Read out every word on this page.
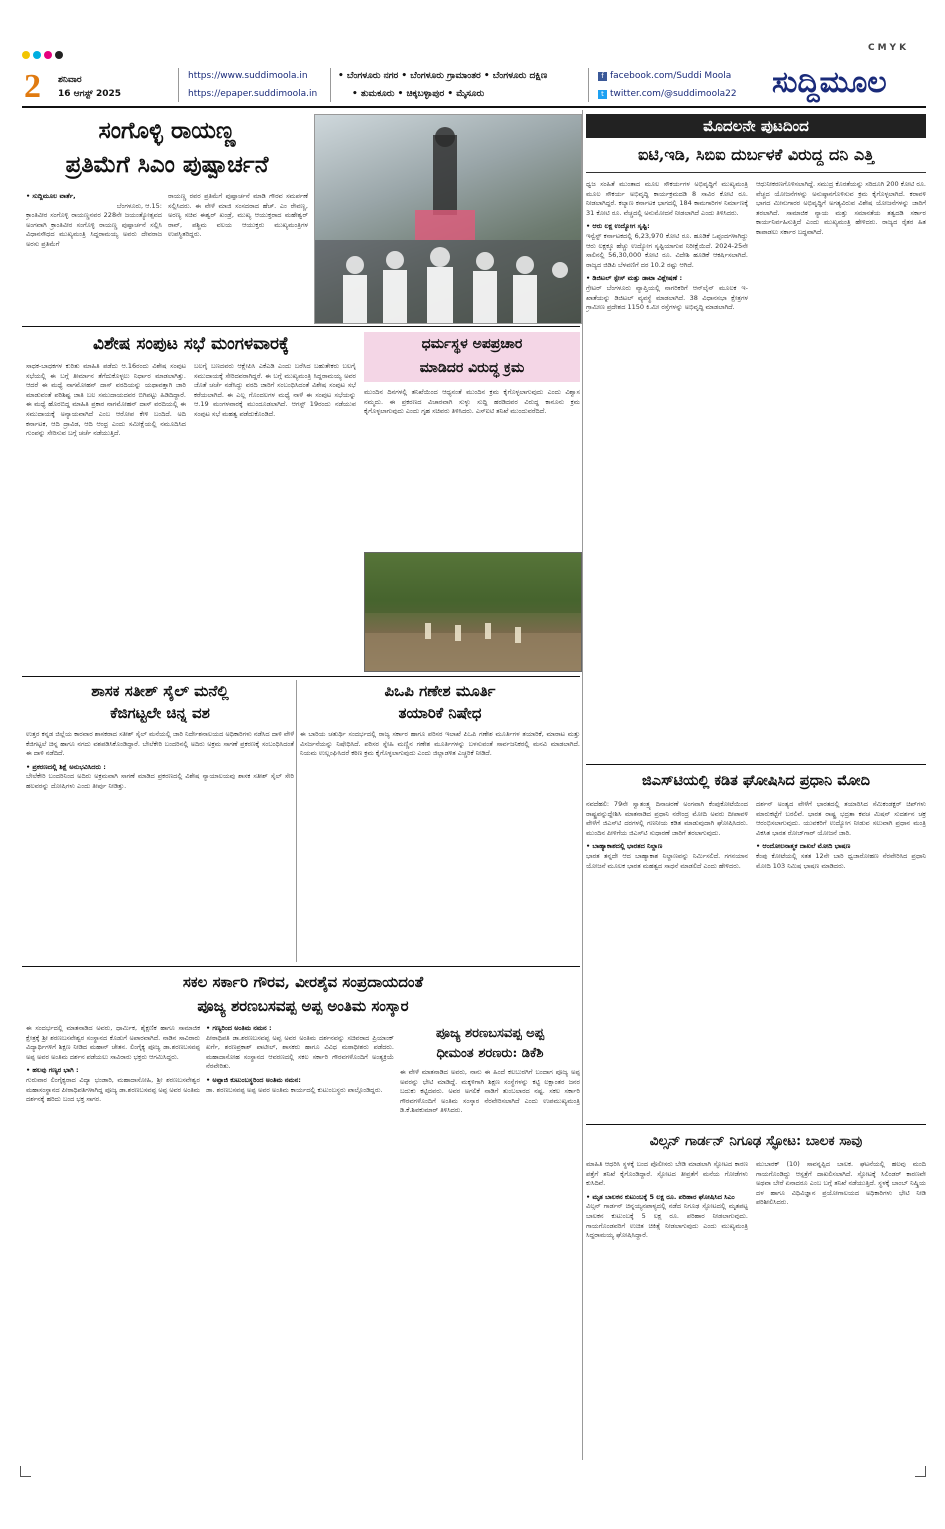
CMYK
2 ಶನಿವಾರ
16 ಆಗಸ್ಟ್ 2025
https://www.suddimoola.in
https://epaper.suddimoola.in
• ಬೆಂಗಳೂರು ನಗರ • ಬೆಂಗಳೂರು ಗ್ರಾಮಾಂತರ • ಬೆಂಗಳೂರು ದಕ್ಷಿಣ
• ತುಮಕೂರು • ಚಿಕ್ಕಬಳ್ಳಾಪುರ • ಮೈಸೂರು
f facebook.com/Suddi Moola
t twitter.com/@suddimoola22 ಸುದ್ದಿಮೂಲ
ಸಂಗೊಳ್ಳಿ ರಾಯಣ್ಣ
ಪ್ರತಿಮೆಗೆ ಸಿಎಂ ಪುಷ್ಪಾರ್ಚನೆ
• ಸುದ್ದಿಮೂಲ ವಾರ್ತೆ,
ಬೆಂಗಳೂರು, ಆ.15:
ಕ್ರಾಂತಿವೀರ ಸಂಗೊಳ್ಳಿ ರಾಯಣ್ಣನವರ 228ನೇ ಜಯಂತ್ಯೋತ್ಸವದ ಅಂಗವಾಗಿ ಕ್ರಾಂತಿವೀರ ಸಂಗೊಳ್ಳಿ ರಾಯಣ್ಣ ಪುಷ್ಪಾರ್ಚನೆ ಸಲ್ಲಿಸಿ ವಿಧಾನಸೌಧದ ಮುಖ್ಯಮಂತ್ರಿ ಸಿದ್ದರಾಮಯ್ಯ ಅವರು ದೇವರಾಜ ಅರಸು ಪ್ರತಿಮೆಗೆ
ರಾಯಣ್ಣ ರವರ ಪ್ರತಿಮೆಗೆ ಪುಷ್ಪಾರ್ಚನೆ ಮಾಡಿ ಗೌರವ ಸಮರ್ಪಣೆ ಸಲ್ಲಿಸಿದರು. ಈ ವೇಳೆ ಮಾಜಿ ಸಂಸದರಾದ ಹೆಚ್. ಎಂ ರೇವಣ್ಣ, ಅರಣ್ಯ ಸಚಿವ ಈಶ್ವರ್ ಖಂಡ್ರೆ, ಮುಖ್ಯ ಆಯುಕ್ತರಾದ ಮಹೇಶ್ವರ್ ರಾವ್, ಪಶ್ಚಿಮ ವಲಯ ಆಯುಕ್ತರು ಮುಖ್ಯಮಂತ್ರಿಗಳ ಉಪಸ್ಥಿತರಿದ್ದರು.
ಮೊದಲನೇ ಪುಟದಿಂದ
ಐಟಿ,ಇಡಿ, ಸಿಬಿಐ ದುರ್ಬಳಕೆ ವಿರುದ್ದ ದನಿ ಎತ್ತಿ
ಧ್ವಜ ಸಂಹಿತೆ ಮುಂತಾದ ಮೂಲ ಸೌಕರ್ಯಗಳ ಅಭಿವೃದ್ಧಿಗೆ ಮುಖ್ಯಮಂತ್ರಿ ಮೂಲ ಸೌಕರ್ಯ ಅಭಿವೃದ್ಧಿ ಕಾರ್ಯಕ್ರಮದಡಿ 8 ಸಾವಿರ ಕೋಟಿ ರೂ. ನೀಡಲಾಗಿದ್ದರೆ. ಕಲ್ಯಾಣ ಕರ್ನಾಟಕ ಭಾಗದಲ್ಲಿ 184 ಕಾಮಗಾರಿಗಳ ನಿರ್ಮಾಣಕ್ಕೆ 31 ಕೋಟಿ ರೂ. ವೆಚ್ಚದಲ್ಲಿ ಅನುಮೋದನೆ ನೀಡಲಾಗಿದೆ ಎಂದು ತಿಳಿಸಿದರು.
• ಆರು ಲಕ್ಷ ಉದ್ಯೋಗ ಸೃಷ್ಟಿ:
ಇನ್ವೆಸ್ಟ್ ಕರ್ನಾಟಕದಲ್ಲಿ 6,23,970 ಕೋಟಿ ರೂ. ಹೂಡಿಕೆ ಒಪ್ಪಂದಗಳಾಗಿದ್ದು ಆರು ಲಕ್ಷಕ್ಕೂ ಹೆಚ್ಚು ಉದ್ಯೋಗ ಸೃಷ್ಟಿಯಾಗುವ ನಿರೀಕ್ಷೆಯಿದೆ. 2024-25ನೇ ಸಾಲಿನಲ್ಲಿ 56,30,000 ಕೋಟಿ ರೂ. ವಿದೇಶಿ ಹೂಡಿಕೆ ಆಕರ್ಷಿಸಲಾಗಿದೆ. ರಾಜ್ಯದ ಜಿಡಿಪಿ ಬೆಳವಣಿಗೆ ದರ 10.2 ರಷ್ಟು ಆಗಿದೆ.
• ಡಿಜಿಟಲ್ ಸ್ಪೇಸ್ ಮತ್ತು ಡಾಟಾ ವಿಶ್ಲೇಷಣೆ :
ಗ್ರೇಟರ್ ಬೆಂಗಳೂರು ವ್ಯಾಪ್ತಿಯಲ್ಲಿ ನಾಗರಿಕರಿಗೆ ಆನ್‌ಲೈನ್ ಮೂಲಕ ಇ-ಖಾತೆಯನ್ನು ಡಿಜಿಟಲ್ ವ್ಯವಸ್ಥೆ ಮಾಡಲಾಗಿದೆ. 38 ವಿಧಾನಸಭಾ ಕ್ಷೇತ್ರಗಳ ಗ್ರಾಮೀಣ ಪ್ರದೇಶದ 1150 ಕಿ.ಮೀ ರಸ್ತೆಗಳನ್ನು ಅಭಿವೃದ್ಧಿ ಮಾಡಲಾಗಿದೆ.
ಆಧುನೀಕರಣಗೊಳಿಸಲಾಗಿದ್ದೆ. ಸಮುದ್ರ ಕೊರತೆಯನ್ನು ಸರಿದೂಗಿ 200 ಕೋಟಿ ರೂ. ವೆಚ್ಚದ ಯೋಜನೆಗಳನ್ನು ಅನುಷ್ಠಾನಗೊಳಿಸುವ ಕ್ರಮ ಕೈಗೊಳ್ಳಲಾಗಿದೆ. ಕರಾವಳಿ ಭಾಗದ ಮೀನುಗಾರರ ಅಭಿವೃದ್ಧಿಗೆ ಅಗತ್ಯವಿರುವ ವಿಶೇಷ ಯೋಜನೆಗಳನ್ನು ಜಾರಿಗೆ ತರಲಾಗಿದೆ. ಸಾಮಾಜಿಕ ನ್ಯಾಯ ಮತ್ತು ಸಮಾನತೆಯ ತತ್ವದಡಿ ಸರ್ಕಾರ ಕಾರ್ಯನಿರ್ವಹಿಸುತ್ತಿದೆ ಎಂದು ಮುಖ್ಯಮಂತ್ರಿ ಹೇಳಿದರು. ರಾಜ್ಯದ ರೈತರ ಹಿತ ಕಾಪಾಡಲು ಸರ್ಕಾರ ಬದ್ಧವಾಗಿದೆ.
ವಿಶೇಷ ಸಂಪುಟ ಸಭೆ ಮಂಗಳವಾರಕ್ಕೆ
ಸಾಧಕ-ಬಾಧಕಗಳ ಕುರಿತು ಮಾಹಿತಿ ಪಡೆದು ಆ.16ರಂದು ವಿಶೇಷ ಸಂಪುಟ ಸಭೆಯಲ್ಲಿ ಈ ಬಗ್ಗೆ ತೀರ್ಮಾನ ತೆಗೆದುಕೊಳ್ಳಲು ನಿರ್ಧಾರ ಮಾಡಲಾಗಿತ್ತು. ಆದರೆ ಈ ಮಧ್ಯೆ ನಾಗಮೋಹನ್ ದಾಸ್ ವರದಿಯನ್ನು ಯಥಾವತ್ತಾಗಿ ಜಾರಿ ಮಾಡುವಂತೆ ಪರಿಶಿಷ್ಟ ಜಾತಿ ಬಲ ಸಮುದಾಯದವರ ಬಿಗಿಪಟ್ಟು ಹಿಡಿದಿದ್ದಾರೆ. ಈ ಮಧ್ಯೆ ಹೊರಬಿದ್ದ ಮಾಹಿತಿ ಪ್ರಕಾರ ನಾಗಮೋಹನ್ ದಾಸ್ ವರದಿಯಲ್ಲಿ ಈ ಸಮುದಾಯಕ್ಕೆ ಅನ್ಯಾಯವಾಗಿದೆ ಎಂಬ ಆರೋಪ ಕೇಳಿ ಬಂದಿದೆ. ಅದಿ ಕರ್ನಾಟಕ, ಆದಿ ದ್ರಾವಿಡ, ಆದಿ ಆಂಧ್ರ ಎಂದು ಸಮೀಕ್ಷೆಯಲ್ಲಿ ನಮೂದಿಸಿದ ಗುಂಪನ್ನು ಸೇರಿಸುವ ಬಗ್ಗೆ ಚರ್ಚೆ ನಡೆಯುತ್ತಿದೆ.
ಬಲಗೈ ಬಣದವರು ಆಕ್ಷೇಪಿಸಿ ಎಕೆಎಡಿ ಎಂದು ಬರೆಸಿದ ಬಹುತೇಕರು ಬಲಗೈ ಸಮುದಾಯಕ್ಕೆ ಸೇರಿದವರಾಗಿದ್ದರೆ. ಈ ಬಗ್ಗೆ ಮುಖ್ಯಮಂತ್ರಿ ಸಿದ್ದರಾಮಯ್ಯ ಅವರ ಜೊತೆ ಚರ್ಚೆ ನಡೆಸಿದ್ದು ವರದಿ ಜಾರಿಗೆ ಸಂಬಂಧಿಸಿದಂತೆ ವಿಶೇಷ ಸಂಪುಟ ಸಭೆ ಕರೆಯಲಾಗಿದೆ. ಈ ಎಲ್ಲ ಗೊಂದಲಗಳ ಮಧ್ಯೆ ನಾಳೆ ಈ ಸಂಪುಟ ಸಭೆಯನ್ನು ಆ.19 ಮಂಗಳವಾರಕ್ಕೆ ಮುಂದೂಡಲಾಗಿದೆ. ಆಗಸ್ಟ್ 19ರಂದು ನಡೆಯುವ ಸಂಪುಟ ಸಭೆ ಮಹತ್ವ ಪಡೆದುಕೊಂಡಿದೆ.
ಧರ್ಮಸ್ಥಳ ಅಪಪ್ರಚಾರ
ಮಾಡಿದರ ವಿರುದ್ಧ ಕ್ರಮ
ಮುಂದಿನ ದಿನಗಳಲ್ಲಿ ತನಿಖೆಯಿಂದ ಆಧ್ಯನಂತೆ ಮುಂದಿನ ಕ್ರಮ ಕೈಗೊಳ್ಳಲಾಗುವುದು ಎಂದು ವಿಶ್ವಾಸ ನಮ್ಮದು. ಈ ಪ್ರಕರಣದ ವಿಚಾರವಾಗಿ ಸುಳ್ಳು ಸುದ್ದಿ ಹರಡಿದವರ ವಿರುದ್ಧ ಕಾನೂನು ಕ್ರಮ ಕೈಗೊಳ್ಳಲಾಗುವುದು ಎಂದು ಗೃಹ ಸಚಿವರು ತಿಳಿಸಿದರು. ಎಸ್ಐಟಿ ತನಿಖೆ ಮುಂದುವರೆದಿದೆ.
ಶಾಸಕ ಸತೀಶ್ ಸೈಲ್ ಮನೆಲ್ಲಿ
ಕೆಜಿಗಟ್ಟಲೇ ಚಿನ್ನ ವಶ
ಉತ್ತರ ಕನ್ನಡ ಜಿಲ್ಲೆಯ ಕಾರವಾರ ಶಾಸಕರಾದ ಸತೀಶ್ ಸೈಲ್ ಮನೆಯಲ್ಲಿ ಜಾರಿ ನಿರ್ದೇಶನಾಲಯದ ಅಧಿಕಾರಿಗಳು ನಡೆಸಿದ ದಾಳಿ ವೇಳೆ ಕೆಜಿಗಟ್ಟಲೆ ಚಿನ್ನ ಹಾಗೂ ನಗದು ವಶಪಡಿಸಿಕೊಂಡಿದ್ದಾರೆ. ಬೇಲೆಕೇರಿ ಬಂದರಿನಲ್ಲಿ ಅದಿರು ಅಕ್ರಮ ಸಾಗಣೆ ಪ್ರಕರಣಕ್ಕೆ ಸಂಬಂಧಿಸಿದಂತೆ ಈ ದಾಳಿ ನಡೆದಿದೆ.
• ಪ್ರಕರಣದಲ್ಲಿ ಶಿಕ್ಷೆ ಅನುಭವಿಸಿದರು :
ಬೇಲೆಕೇರಿ ಬಂದರಿನಿಂದ ಅದಿರು ಅಕ್ರಮವಾಗಿ ಸಾಗಣೆ ಮಾಡಿದ ಪ್ರಕರಣದಲ್ಲಿ ವಿಶೇಷ ನ್ಯಾಯಾಲಯವು ಶಾಸಕ ಸತೀಶ್ ಸೈಲ್ ಸೇರಿ ಹಲವರನ್ನು ದೋಷಿಗಳು ಎಂದು ತೀರ್ಪು ನೀಡಿತ್ತು.
ಪಿಒಪಿ ಗಣೇಶ ಮೂರ್ತಿ
ತಯಾರಿಕೆ ನಿಷೇಧ
ಈ ಬಾರಿಯ ಚತುರ್ಥಿ ಸಂದರ್ಭದಲ್ಲಿ ರಾಜ್ಯ ಸರ್ಕಾರ ಹಾಗೂ ಪರಿಸರ ಇಲಾಖೆ ಪಿಒಪಿ ಗಣೇಶ ಮೂರ್ತಿಗಳ ತಯಾರಿಕೆ, ಮಾರಾಟ ಮತ್ತು ವಿಸರ್ಜನೆಯನ್ನು ನಿಷೇಧಿಸಿದೆ. ಪರಿಸರ ಸ್ನೇಹಿ ಮಣ್ಣಿನ ಗಣೇಶ ಮೂರ್ತಿಗಳನ್ನು ಬಳಸುವಂತೆ ಸಾರ್ವಜನಿಕರಲ್ಲಿ ಮನವಿ ಮಾಡಲಾಗಿದೆ. ನಿಯಮ ಉಲ್ಲಂಘಿಸಿದರೆ ಕಠಿಣ ಕ್ರಮ ಕೈಗೊಳ್ಳಲಾಗುವುದು ಎಂದು ಜಿಲ್ಲಾಡಳಿತ ಎಚ್ಚರಿಕೆ ನೀಡಿದೆ.
ಜಿಎಸ್‌ಟಿಯಲ್ಲಿ ಕಡಿತ ಘೋಷಿಸಿದ ಪ್ರಧಾನಿ ಮೋದಿ
ನವದೆಹಲಿ: 79ನೇ ಸ್ವಾತಂತ್ರ್ಯ ದಿನಾಚರಣೆ ಅಂಗವಾಗಿ ಕೆಂಪುಕೋಟೆಯಿಂದ ರಾಷ್ಟ್ರವನ್ನುದ್ದೇಶಿಸಿ ಮಾತನಾಡಿದ ಪ್ರಧಾನಿ ನರೇಂದ್ರ ಮೋದಿ ಅವರು ದೀಪಾವಳಿ ವೇಳೆಗೆ ಜಿಎಸ್‌ಟಿ ದರಗಳಲ್ಲಿ ಗಣನೀಯ ಕಡಿತ ಮಾಡುವುದಾಗಿ ಘೋಷಿಸಿದರು. ಮುಂದಿನ ಪೀಳಿಗೆಯ ಜಿಎಸ್‌ಟಿ ಸುಧಾರಣೆ ಜಾರಿಗೆ ತರಲಾಗುವುದು.
• ಬಾಹ್ಯಾಕಾಶದಲ್ಲಿ ಭಾರತದ ನಿಲ್ದಾಣ
ಭಾರತ ತನ್ನದೇ ಆದ ಬಾಹ್ಯಾಕಾಶ ನಿಲ್ದಾಣವನ್ನು ನಿರ್ಮಿಸಲಿದೆ. ಗಗನಯಾನ ಯೋಜನೆ ಮೂಲಕ ಭಾರತ ಮಹತ್ವದ ಸಾಧನೆ ಮಾಡಲಿದೆ ಎಂದು ಹೇಳಿದರು.
ದರ್ಶನ್ ಅಂತ್ಯದ ವೇಳೆಗೆ ಭಾರತದಲ್ಲಿ ತಯಾರಿಸಿದ ಸೆಮಿಕಂಡಕ್ಟರ್ ಚಿಪ್‌ಗಳು ಮಾರುಕಟ್ಟೆಗೆ ಬರಲಿವೆ. ಭಾರತ ರಾಷ್ಟ್ರ ಭದ್ರತಾ ಕವಚ ಮಿಷನ್ ಸುದರ್ಶನ ಚಕ್ರ ಆರಂಭಿಸಲಾಗುವುದು. ಯುವಕರಿಗೆ ಉದ್ಯೋಗ ನೀಡುವ ಸಲುವಾಗಿ ಪ್ರಧಾನ ಮಂತ್ರಿ ವಿಕಸಿತ ಭಾರತ ರೋಜ್‌ಗಾರ್ ಯೋಜನೆ ಜಾರಿ.
• ಆಂದೋಲನಾತ್ಮಕ ದಾಖಲೆ ಮೋದಿ ಭಾಷಣ
ಕೆಂಪು ಕೋಟೆಯಲ್ಲಿ ಸತತ 12ನೇ ಬಾರಿ ಧ್ವಜಾರೋಹಣ ನೆರವೇರಿಸಿದ ಪ್ರಧಾನಿ ಮೋದಿ 103 ನಿಮಿಷ ಭಾಷಣ ಮಾಡಿದರು.
ಸಕಲ ಸರ್ಕಾರಿ ಗೌರವ, ವೀರಶೈವ ಸಂಪ್ರದಾಯದಂತೆ
ಪೂಜ್ಯ ಶರಣಬಸವಪ್ಪ ಅಪ್ಪ ಅಂತಿಮ ಸಂಸ್ಕಾರ
ಈ ಸಂದರ್ಭದಲ್ಲಿ ಮಾತನಾಡಿದ ಅವರು, ಧಾರ್ಮಿಕ, ಶೈಕ್ಷಣಿಕ ಹಾಗೂ ಸಾಮಾಜಿಕ ಕ್ಷೇತ್ರಕ್ಕೆ ಶ್ರೀ ಶರಣಬಸವೇಶ್ವರ ಸಂಸ್ಥಾನದ ಕೊಡುಗೆ ಅಪಾರವಾಗಿದೆ. ನಾಡಿನ ಸಾವಿರಾರು ವಿದ್ಯಾರ್ಥಿಗಳಿಗೆ ಶಿಕ್ಷಣ ನೀಡಿದ ಮಹಾನ್ ಚೇತನ. ಲಿಂಗೈಕ್ಯ ಪೂಜ್ಯ ಡಾ.ಶರಣಬಸವಪ್ಪ ಅಪ್ಪ ಅವರ ಅಂತಿಮ ದರ್ಶನ ಪಡೆಯಲು ಸಾವಿರಾರು ಭಕ್ತರು ಆಗಮಿಸಿದ್ದರು.
• ಹಲವು ಗಣ್ಯರ ಭಾಗಿ :
ಗುರುವಾರ ಲಿಂಗೈಕ್ಯರಾದ ವಿದ್ಯಾ ಭಂಡಾರಿ, ಮಹಾದಾಸೋಹಿ, ಶ್ರೀ ಶರಣಬಸವೇಶ್ವರ ಮಹಾಸಂಸ್ಥಾನದ ಪೀಠಾಧಿಪತಿಗಳಾಗಿದ್ದ ಪೂಜ್ಯ ಡಾ.ಶರಣಬಸವಪ್ಪ ಅಪ್ಪ ಅವರ ಅಂತಿಮ ದರ್ಶನಕ್ಕೆ ಹರಿದು ಬಂದ ಭಕ್ತ ಸಾಗರ.
• ಗಣ್ಯರಿಂದ ಅಂತಿಮ ನಮನ :
ಪೀಠಾಧಿಪತಿ ಡಾ.ಶರಣಬಸವಪ್ಪ ಅಪ್ಪ ಅವರ ಅಂತಿಮ ದರ್ಶನವನ್ನು ಸಚಿವರಾದ ಪ್ರಿಯಾಂಕ್ ಖರ್ಗೆ, ಶರಣಪ್ರಕಾಶ್ ಪಾಟೀಲ್, ಶಾಸಕರು ಹಾಗೂ ವಿವಿಧ ಮಠಾಧೀಶರು ಪಡೆದರು. ಮಹಾದಾಸೋಹ ಸಂಸ್ಥಾನದ ಆವರಣದಲ್ಲಿ ಸಕಲ ಸರ್ಕಾರಿ ಗೌರವಗಳೊಂದಿಗೆ ಅಂತ್ಯಕ್ರಿಯೆ ನೆರವೇರಿತು.
• ಅಪ್ಪಾಜಿ ಕುಟುಂಬಸ್ಥರಿಂದ ಅಂತಿಮ ನಮನ:
ಡಾ. ಶರಣಬಸವಪ್ಪ ಅಪ್ಪ ಅವರ ಅಂತಿಮ ಕಾರ್ಯದಲ್ಲಿ ಕುಟುಂಬಸ್ಥರು ಪಾಲ್ಗೊಂಡಿದ್ದರು.
ಪೂಜ್ಯ ಶರಣಬಸವಪ್ಪ ಅಪ್ಪ
ಧೀಮಂತ ಶರಣರು: ಡಿಕೆಶಿ
ಈ ವೇಳೆ ಮಾತನಾಡಿದ ಅವರು, ನಾನು ಈ ಹಿಂದೆ ಕಲಬುರಗಿಗೆ ಬಂದಾಗ ಪೂಜ್ಯ ಅಪ್ಪ ಅವರನ್ನು ಭೇಟಿ ಮಾಡಿದ್ದೆ. ಮಕ್ಕಳಿಗಾಗಿ ಶಿಕ್ಷಣ ಸಂಸ್ಥೆಗಳನ್ನು ಕಟ್ಟಿ ಲಕ್ಷಾಂತರ ಜನರ ಬದುಕು ಕಟ್ಟಿದವರು. ಅವರ ಅಗಲಿಕೆ ನಾಡಿಗೆ ತುಂಬಲಾರದ ನಷ್ಟ. ಸಕಲ ಸರ್ಕಾರಿ ಗೌರವಗಳೊಂದಿಗೆ ಅಂತಿಮ ಸಂಸ್ಕಾರ ನೆರವೇರಿಸಲಾಗಿದೆ ಎಂದು ಉಪಮುಖ್ಯಮಂತ್ರಿ ಡಿ.ಕೆ.ಶಿವಕುಮಾರ್ ತಿಳಿಸಿದರು.
ವಿಲ್ಸನ್ ಗಾರ್ಡನ್ ನಿಗೂಢ ಸ್ಫೋಟ: ಬಾಲಕ ಸಾವು
ಮಾಹಿತಿ ಆಧರಿಸಿ ಸ್ಥಳಕ್ಕೆ ಬಂದ ಪೊಲೀಸರು ಬೇಡಿ ಮಾಡಲಾಗಿ ಸ್ಫೋಟದ ಕಾರಣ ಪತ್ತೆಗೆ ತನಿಖೆ ಕೈಗೊಂಡಿದ್ದಾರೆ. ಸ್ಫೋಟದ ತೀವ್ರತೆಗೆ ಮನೆಯ ಗೋಡೆಗಳು ಕುಸಿದಿವೆ.
• ಮೃತ ಬಾಲಕನ ಕುಟುಂಬಕ್ಕೆ 5 ಲಕ್ಷ ರೂ. ಪರಿಹಾರ ಘೋಷಿಸಿದ ಸಿಎಂ
ವಿಲ್ಸನ್ ಗಾರ್ಡನ್ ಚಿನ್ನಯ್ಯನಪಾಳ್ಯದಲ್ಲಿ ನಡೆದ ನಿಗೂಢ ಸ್ಫೋಟದಲ್ಲಿ ಮೃತಪಟ್ಟ ಬಾಲಕನ ಕುಟುಂಬಕ್ಕೆ 5 ಲಕ್ಷ ರೂ. ಪರಿಹಾರ ನೀಡಲಾಗುವುದು. ಗಾಯಗೊಂಡವರಿಗೆ ಉಚಿತ ಚಿಕಿತ್ಸೆ ನೀಡಲಾಗುವುದು ಎಂದು ಮುಖ್ಯಮಂತ್ರಿ ಸಿದ್ದರಾಮಯ್ಯ ಘೋಷಿಸಿದ್ದಾರೆ.
ಮುಬಾರಕ್ (10) ಸಾವನ್ನಪ್ಪಿದ ಬಾಲಕ. ಘಟನೆಯಲ್ಲಿ ಹಲವು ಮಂದಿ ಗಾಯಗೊಂಡಿದ್ದು ಆಸ್ಪತ್ರೆಗೆ ದಾಖಲಿಸಲಾಗಿದೆ. ಸ್ಫೋಟಕ್ಕೆ ಸಿಲಿಂಡರ್ ಕಾರಣವೇ ಅಥವಾ ಬೇರೆ ಏನಾದರೂ ಎಂಬ ಬಗ್ಗೆ ತನಿಖೆ ನಡೆಯುತ್ತಿದೆ. ಸ್ಥಳಕ್ಕೆ ಬಾಂಬ್ ನಿಷ್ಕ್ರಿಯ ದಳ ಹಾಗೂ ವಿಧಿವಿಜ್ಞಾನ ಪ್ರಯೋಗಾಲಯದ ಅಧಿಕಾರಿಗಳು ಭೇಟಿ ನೀಡಿ ಪರಿಶೀಲಿಸಿದರು.
